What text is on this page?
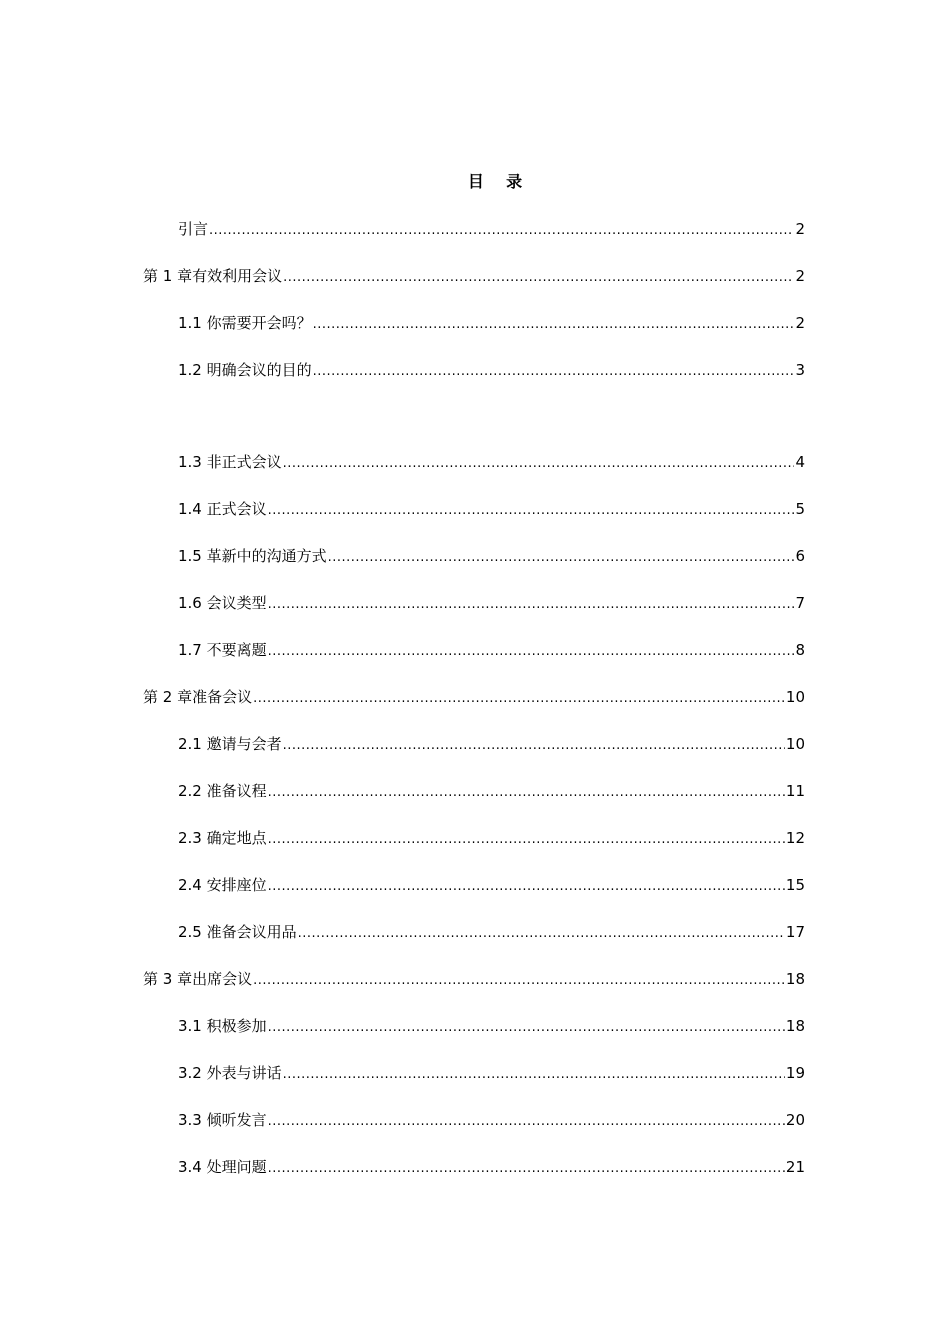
目    录
引言 .....	2
第 1 章有效利用会议 .....	2
1.1 你需要开会吗？ .....	2
1.2 明确会议的目的 .....	3
1.3 非正式会议 .....	4
1.4 正式会议 .....	5
1.5 革新中的沟通方式 .....	6
1.6 会议类型 .....	7
1.7 不要离题 .....	8
第 2 章准备会议 .....	10
2.1 邀请与会者 .....	10
2.2 准备议程 .....	11
2.3 确定地点 .....	12
2.4 安排座位 .....	15
2.5 准备会议用品 .....	17
第 3 章出席会议 .....	18
3.1 积极参加 .....	18
3.2 外表与讲话 .....	19
3.3 倾听发言 .....	20
3.4 处理问题 .....	21
